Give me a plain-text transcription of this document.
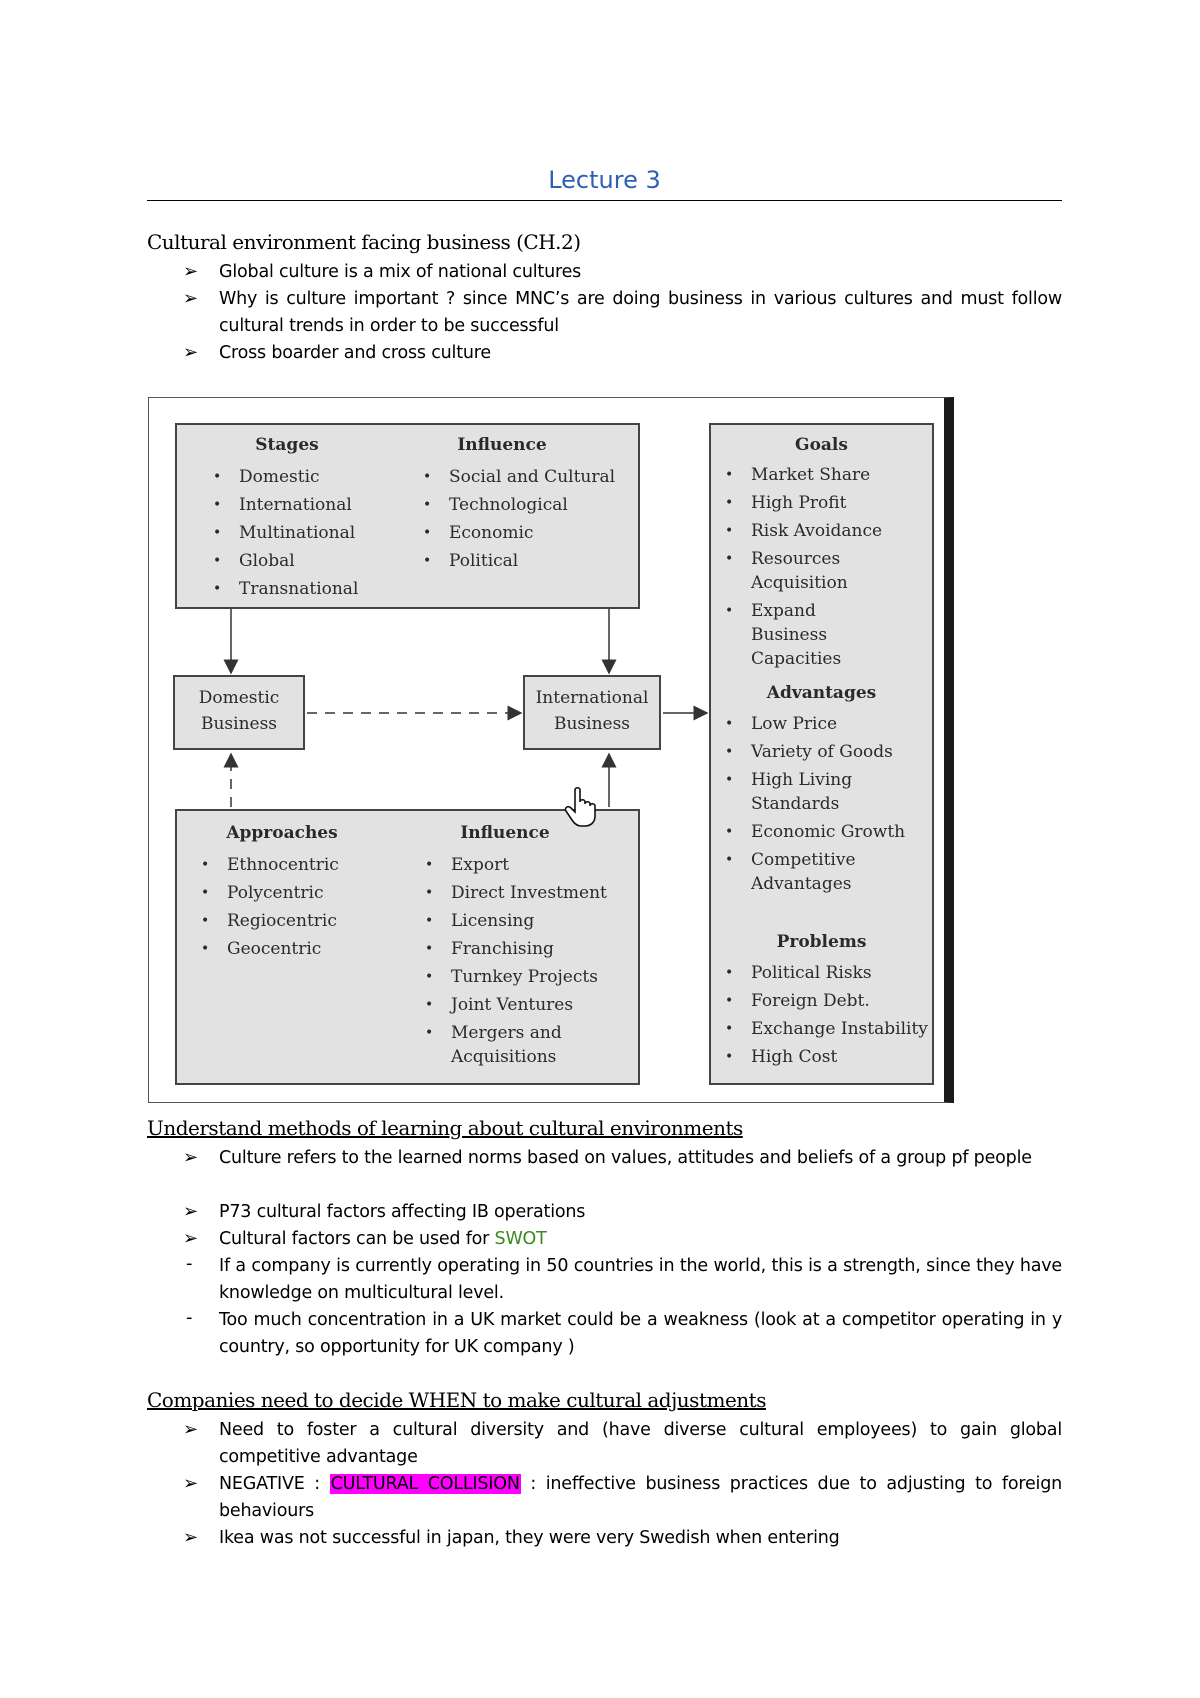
Lecture 3
Cultural environment facing business (CH.2)
➢ Global culture is a mix of national cultures
➢ Why is culture important ? since MNC’s are doing business in various cultures and must follow cultural trends in order to be successful
➢ Cross boarder and cross culture
Stages
• Domestic
• International
• Multinational
• Global
• Transnational
Influence
• Social and Cultural
• Technological
• Economic
• Political
Domestic Business
International Business
Approaches
• Ethnocentric
• Polycentric
• Regiocentric
• Geocentric
Influence
• Export
• Direct Investment
• Licensing
• Franchising
• Turnkey Projects
• Joint Ventures
• Mergers and Acquisitions
Goals
• Market Share
• High Profit
• Risk Avoidance
• Resources Acquisition
• Expand Business Capacities
Advantages
• Low Price
• Variety of Goods
• High Living Standards
• Economic Growth
• Competitive Advantages
Problems
• Political Risks
• Foreign Debt.
• Exchange Instability
• High Cost
Understand methods of learning about cultural environments
➢ Culture refers to the learned norms based on values, attitudes and beliefs of a group pf people
➢ P73 cultural factors affecting IB operations
➢ Cultural factors can be used for SWOT
- If a company is currently operating in 50 countries in the world, this is a strength, since they have knowledge on multicultural level.
- Too much concentration in a UK market could be a weakness (look at a competitor operating in y country, so opportunity for UK company )
Companies need to decide WHEN to make cultural adjustments
➢ Need to foster a cultural diversity and (have diverse cultural employees) to gain global competitive advantage
➢ NEGATIVE : CULTURAL COLLISION : ineffective business practices due to adjusting to foreign behaviours
➢ Ikea was not successful in japan, they were very Swedish when entering
